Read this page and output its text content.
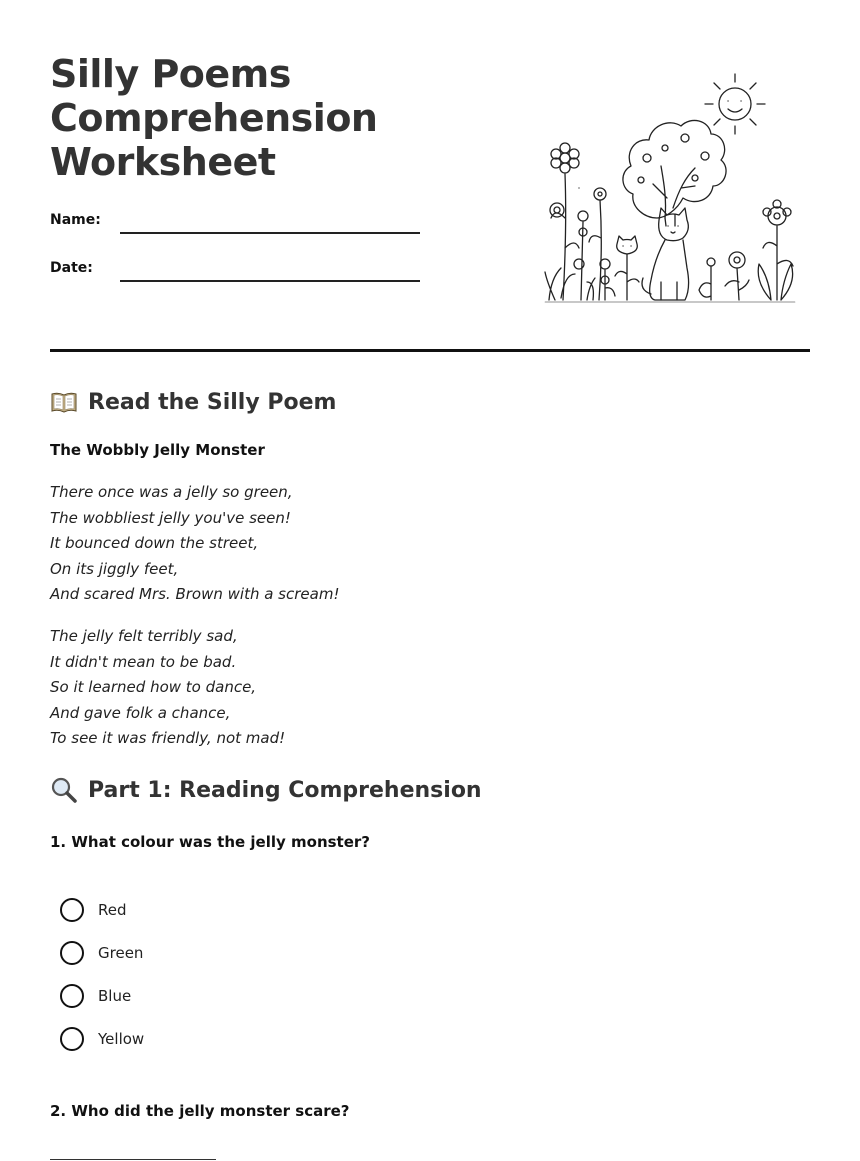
Silly Poems
Comprehension
Worksheet
Name:
Date:
Read the Silly Poem
The Wobbly Jelly Monster
There once was a jelly so green,
The wobbliest jelly you've seen!
It bounced down the street,
On its jiggly feet,
And scared Mrs. Brown with a scream!
The jelly felt terribly sad,
It didn't mean to be bad.
So it learned how to dance,
And gave folk a chance,
To see it was friendly, not mad!
Part 1: Reading Comprehension
1. What colour was the jelly monster?
Red
Green
Blue
Yellow
2. Who did the jelly monster scare?
